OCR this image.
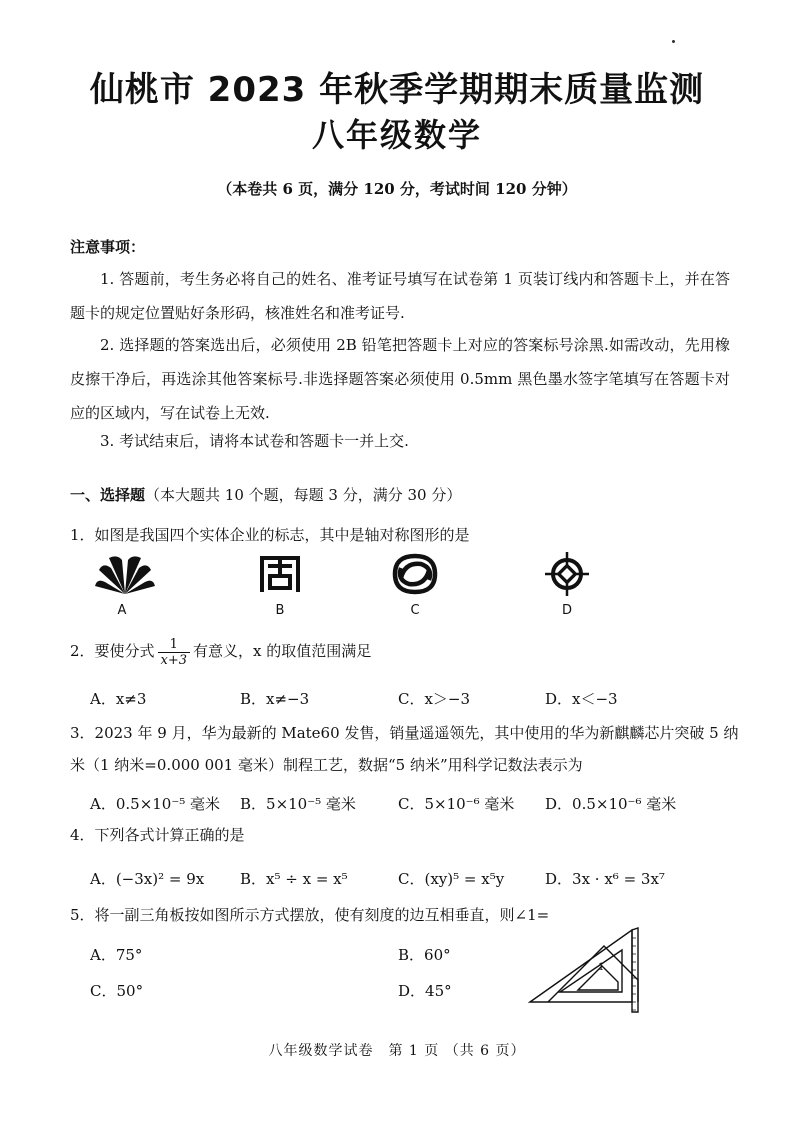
仙桃市 2023 年秋季学期期末质量监测
八年级数学
（本卷共 6 页，满分 120 分，考试时间 120 分钟）
注意事项：
1. 答题前，考生务必将自己的姓名、准考证号填写在试卷第 1 页装订线内和答题卡上，并在答题卡的规定位置贴好条形码，核准姓名和准考证号.
2. 选择题的答案选出后，必须使用 2B 铅笔把答题卡上对应的答案标号涂黑.如需改动，先用橡皮擦干净后，再选涂其他答案标号.非选择题答案必须使用 0.5mm 黑色墨水签字笔填写在答题卡对应的区域内，写在试卷上无效.
3. 考试结束后，请将本试卷和答题卡一并上交.
一、选择题（本大题共 10 个题，每题 3 分，满分 30 分）
1．如图是我国四个实体企业的标志，其中是轴对称图形的是
A	B	C	D
2．要使分式 $\frac{1}{x+3}$ 有意义，x 的取值范围满足
A．x≠3	B．x≠−3	C．x＞−3	D．x＜−3
3．2023 年 9 月，华为最新的 Mate60 发售，销量遥遥领先，其中使用的华为新麒麟芯片突破 5 纳
米（1 纳米=0.000 001 毫米）制程工艺，数据“5 纳米”用科学记数法表示为
A．0.5×10⁻⁵ 毫米 B．5×10⁻⁵ 毫米	C．5×10⁻⁶ 毫米 D．0.5×10⁻⁶ 毫米
4．下列各式计算正确的是
A．(−3x)² = 9x B．x⁵ ÷ x = x⁵	C．(xy)⁵ = x⁵y	D．3x · x⁶ = 3x⁷
5．将一副三角板按如图所示方式摆放，使有刻度的边互相垂直，则∠1=
A．75°	B．60°
C．50°	D．45°
1
八年级数学试卷　第 1 页 （共 6 页）
